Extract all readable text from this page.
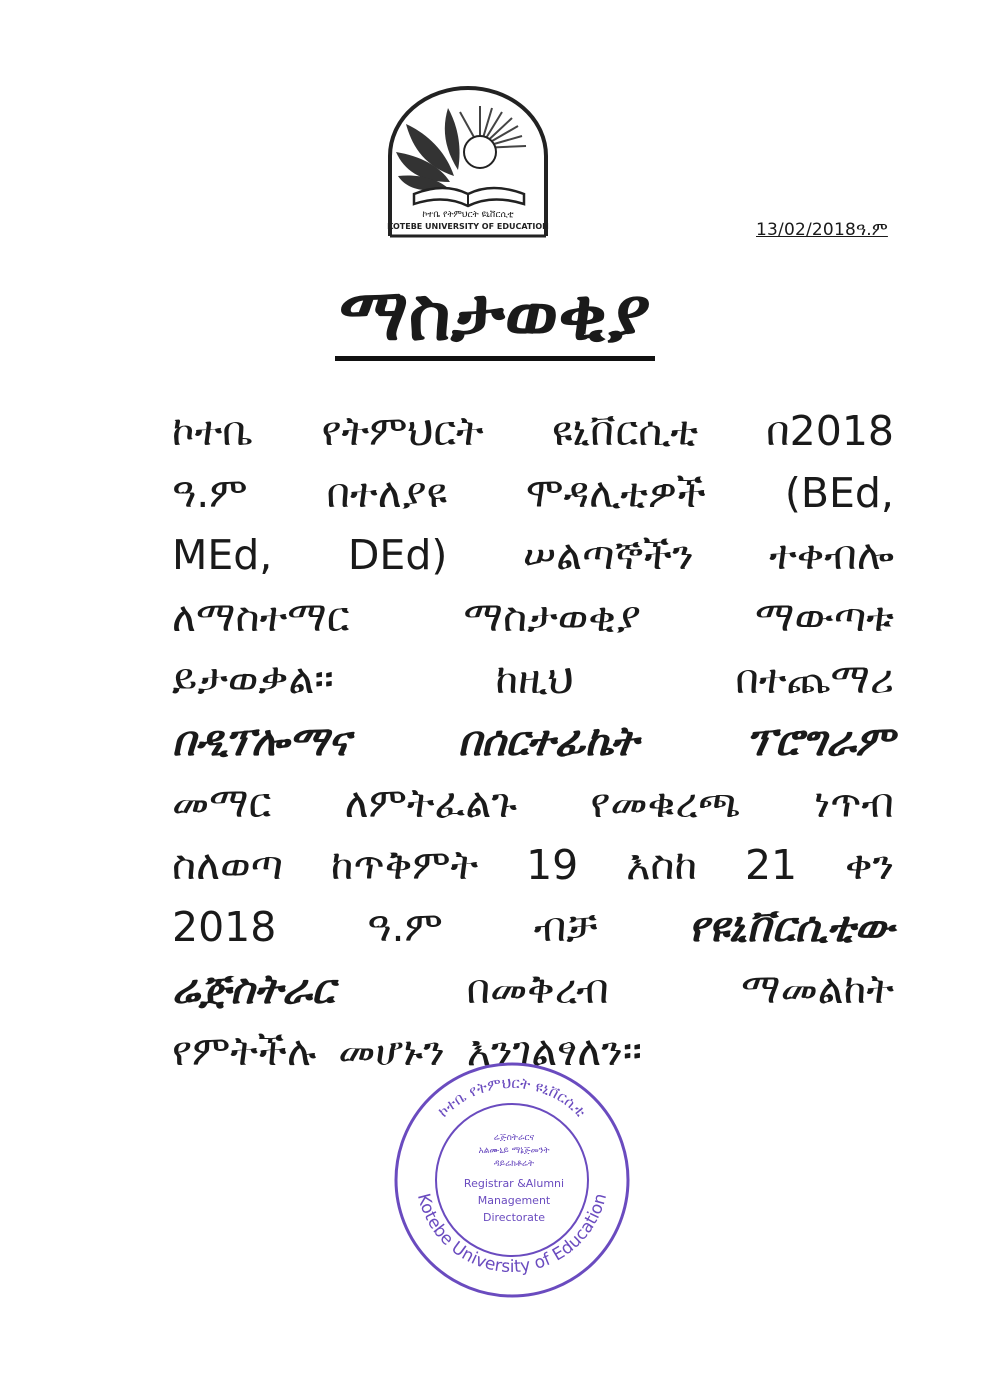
ኮተቤ የትምህርት ዩኒቨርሲቲ
KOTEBE UNIVERSITY OF EDUCATION	13/02/2018ዓ.ም
ማስታወቂያ
ኮተቤ የትምህርት ዩኒቨርሲቲ በ2018
ዓ.ም በተለያዩ ሞዳሊቲዎች (BEd,
MEd, DEd) ሠልጣኞችን ተቀብሎ
ለማስተማር	ማስታወቂያ	ማውጣቱ
ይታወቃል፡፡	ከዚህ	በተጨማሪ
በዲፕሎማና	በሰርተፊኬት	ፕሮግራም
መማር ለምትፈልጉ የመቁረጫ ነጥብ
ስለወጣ ከጥቅምት 19 እስከ 21 ቀን
2018 ዓ.ም ብቻ የዩኒቨርሲቲው
ሬጅስትራር	በመቅረብ	ማመልከት
የምትችሉ መሆኑን እንገልፃለን፡፡
ኮተቤ የትምህርት ዩኒቨርሲቲ
Kotebe University of Education
ሬጅስትራርና
አልሙኒይ ማኔጅመንት
ዳይሬክቶሬት
Registrar &Alumni
Management
Directorate
